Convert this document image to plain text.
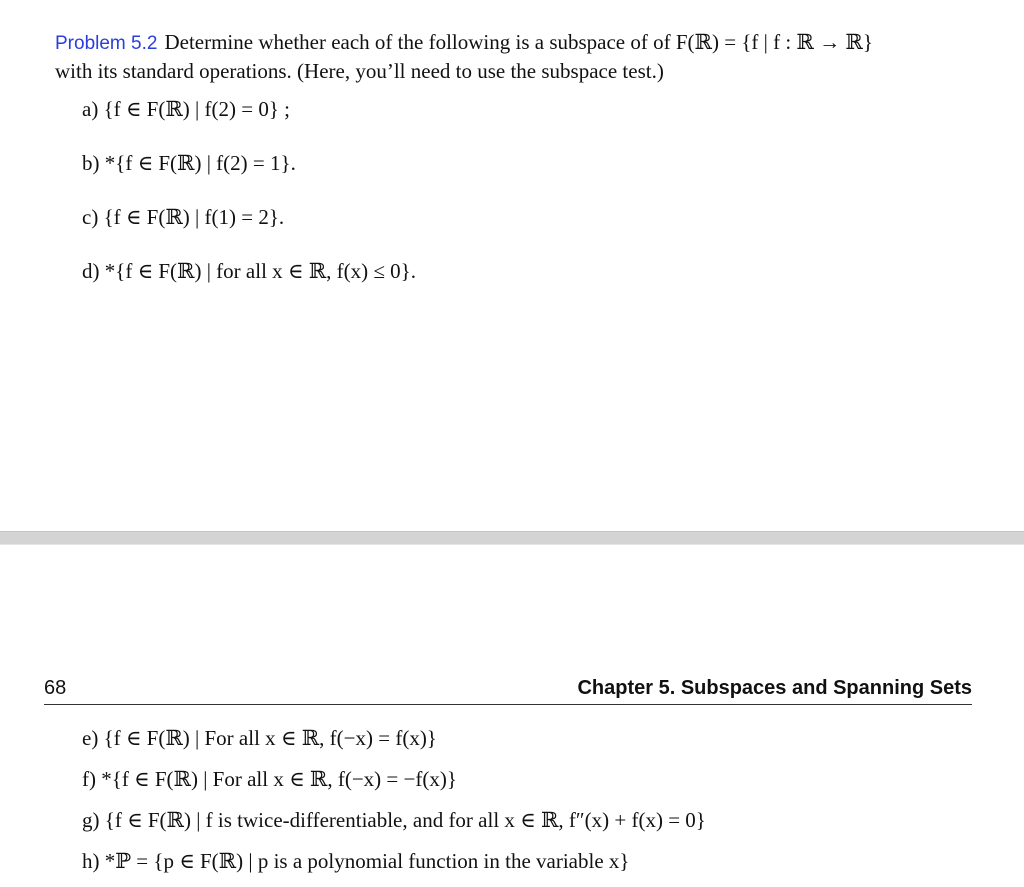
Problem 5.2 Determine whether each of the following is a subspace of of F(ℝ) = {f | f : ℝ → ℝ}
with its standard operations. (Here, you’ll need to use the subspace test.)
a) {f ∈ F(ℝ) | f(2) = 0} ;
b) *{f ∈ F(ℝ) | f(2) = 1}.
c) {f ∈ F(ℝ) | f(1) = 2}.
d) *{f ∈ F(ℝ) | for all x ∈ ℝ, f(x) ≤ 0}.
68	Chapter 5. Subspaces and Spanning Sets
e) {f ∈ F(ℝ) | For all x ∈ ℝ, f(−x) = f(x)}
f) *{f ∈ F(ℝ) | For all x ∈ ℝ, f(−x) = −f(x)}
g) {f ∈ F(ℝ) | f is twice-differentiable, and for all x ∈ ℝ, f″(x) + f(x) = 0}
h) *ℙ = {p ∈ F(ℝ) | p is a polynomial function in the variable x}
